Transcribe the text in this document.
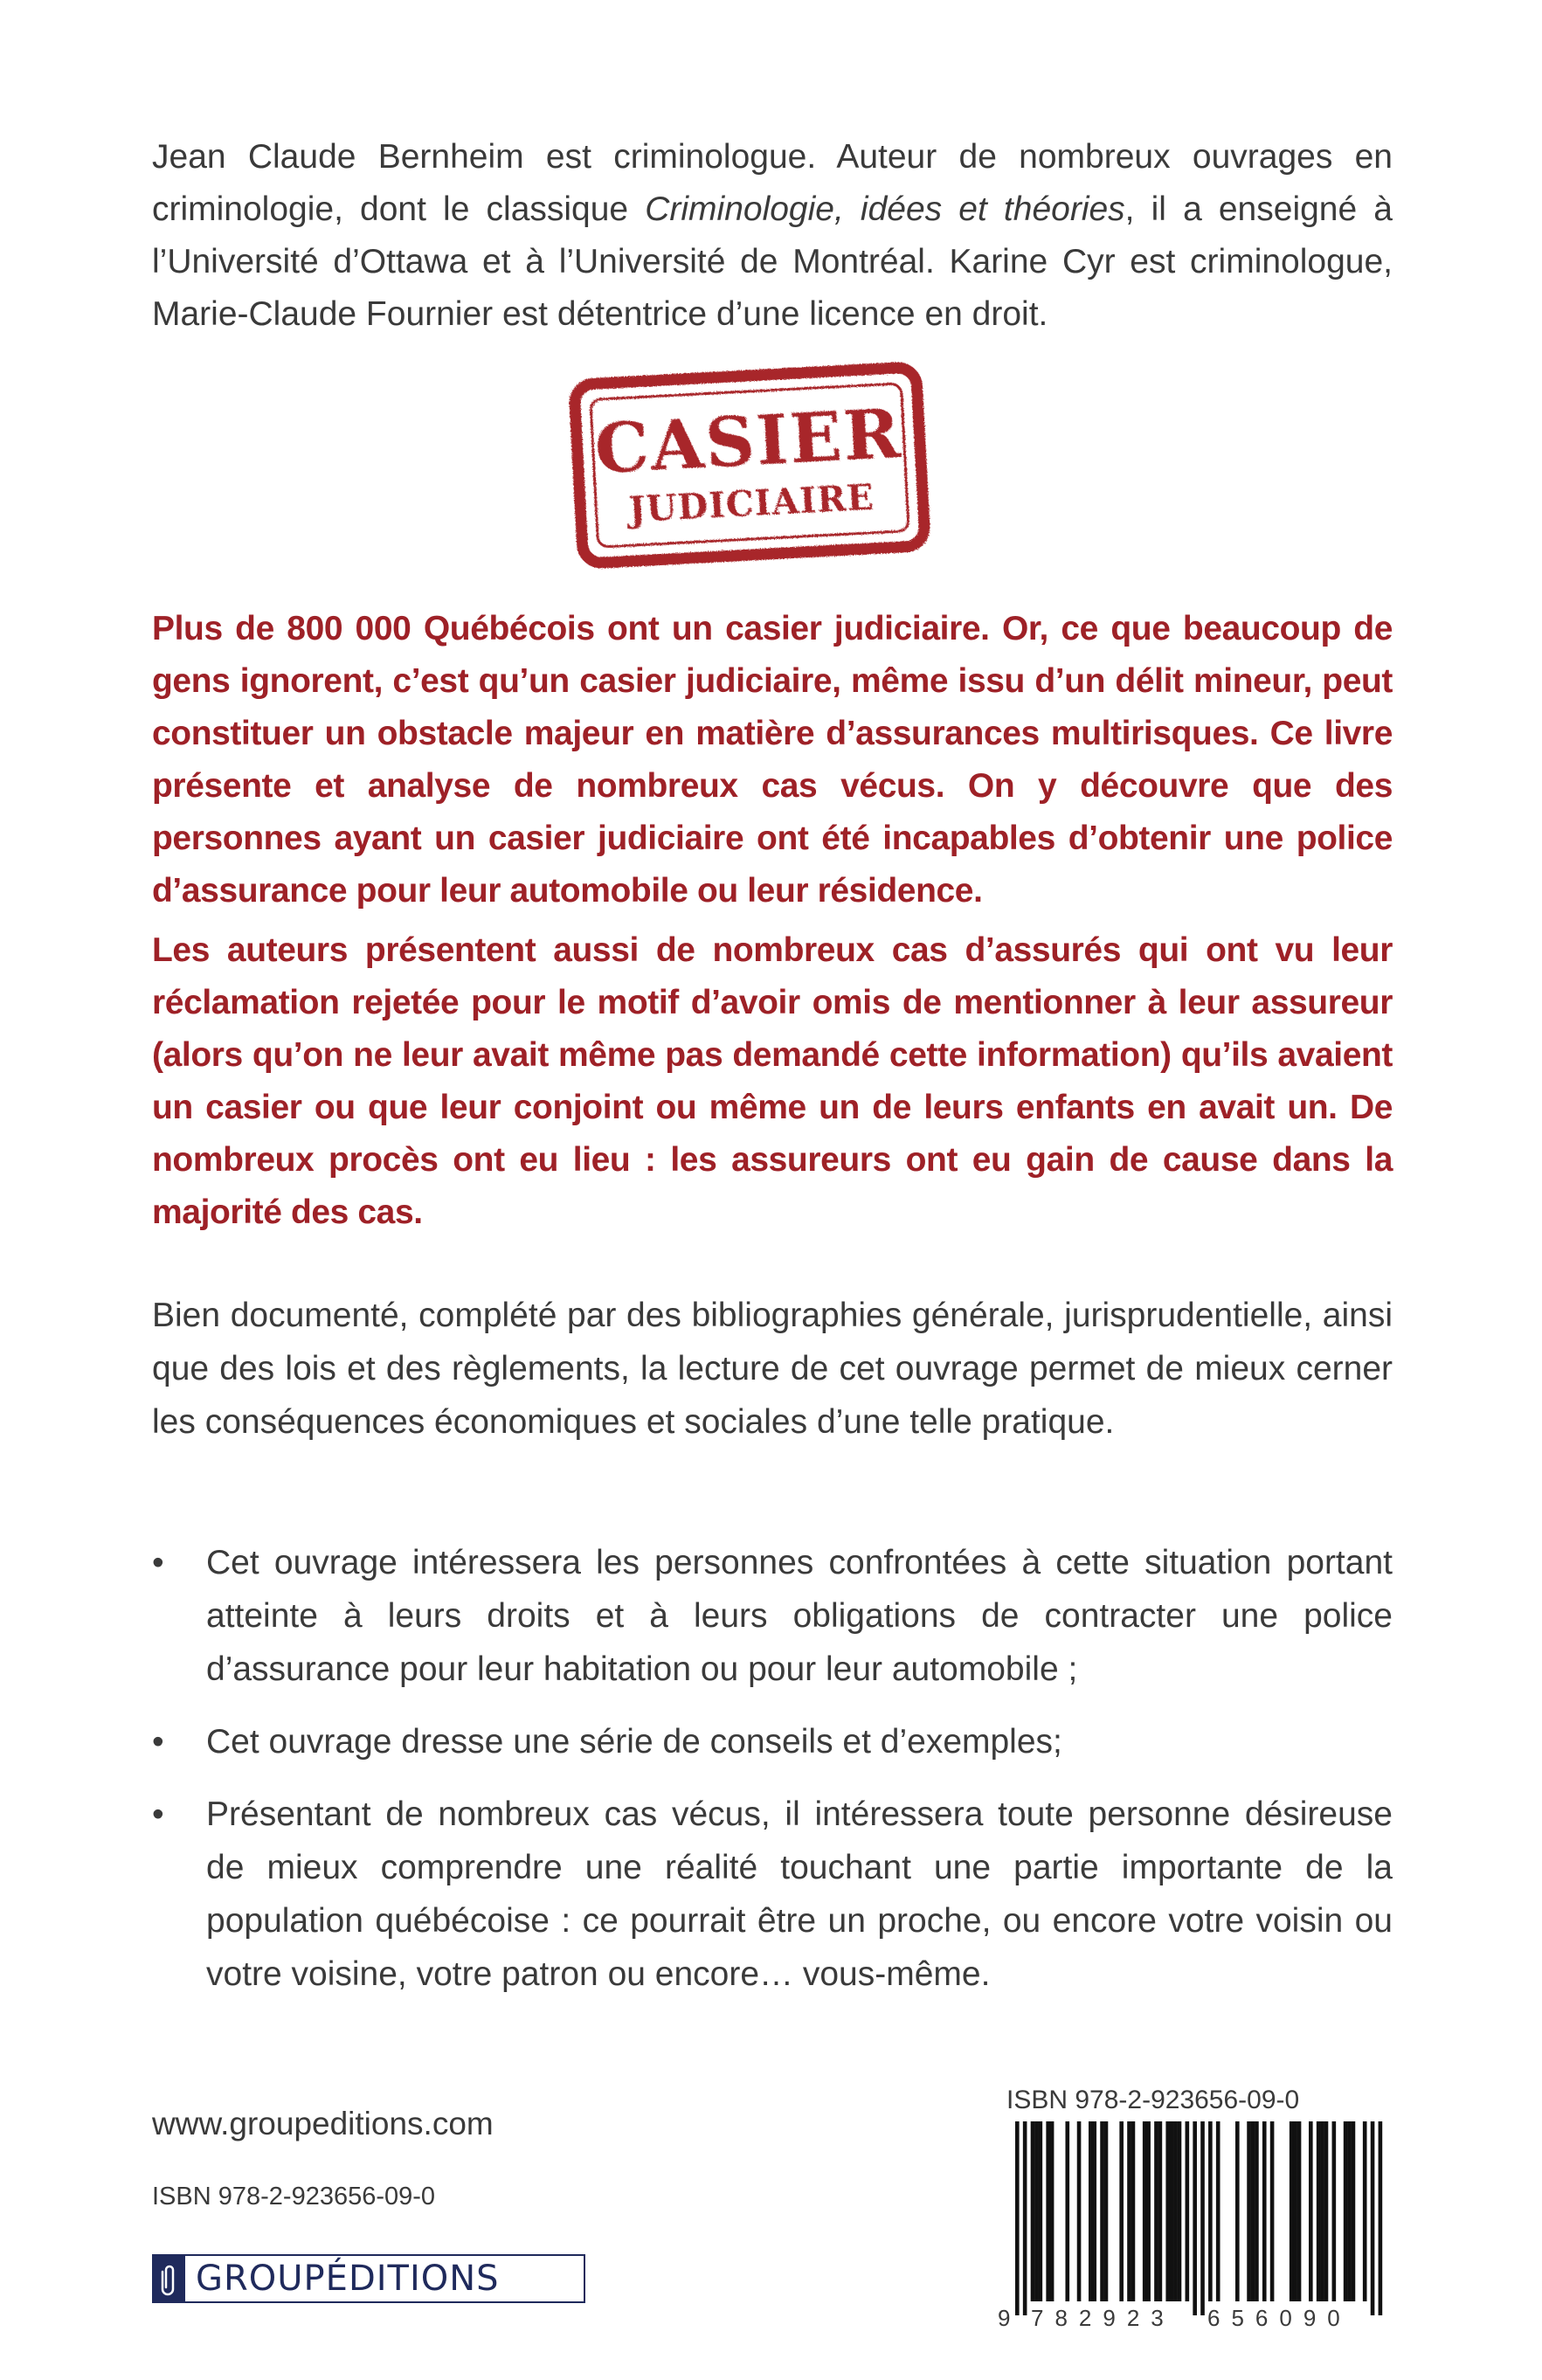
Jean Claude Bernheim est criminologue. Auteur de nombreux ouvrages en criminologie, dont le classique Criminologie, idées et théories, il a enseigné à l’Université d’Ottawa et à l’Université de Montréal. Karine Cyr est criminologue, Marie-Claude Fournier est détentrice d’une licence en droit.

CASIER
JUDICIAIRE

Plus de 800 000 Québécois ont un casier judiciaire. Or, ce que beaucoup de gens ignorent, c’est qu’un casier judiciaire, même issu d’un délit mineur, peut constituer un obstacle majeur en matière d’assurances multirisques. Ce livre présente et analyse de nombreux cas vécus. On y découvre que des personnes ayant un casier judiciaire ont été incapables d’obtenir une police d’assurance pour leur automobile ou leur résidence.

Les auteurs présentent aussi de nombreux cas d’assurés qui ont vu leur réclamation rejetée pour le motif d’avoir omis de mentionner à leur assureur (alors qu’on ne leur avait même pas demandé cette information) qu’ils avaient un casier ou que leur conjoint ou même un de leurs enfants en avait un. De nombreux procès ont eu lieu : les assureurs ont eu gain de cause dans la majorité des cas.

Bien documenté, complété par des bibliographies générale, jurisprudentielle, ainsi que des lois et des règlements, la lecture de cet ouvrage permet de mieux cerner les conséquences économiques et sociales d’une telle pratique.

• Cet ouvrage intéressera les personnes confrontées à cette situation portant atteinte à leurs droits et à leurs obligations de contracter une police d’assurance pour leur habitation ou pour leur automobile ;
• Cet ouvrage dresse une série de conseils et d’exemples;
• Présentant de nombreux cas vécus, il intéressera toute personne désireuse de mieux comprendre une réalité touchant une partie importante de la population québécoise : ce pourrait être un proche, ou encore votre voisin ou votre voisine, votre patron ou encore… vous-même.
www.groupeditions.com
ISBN 978-2-923656-09-0
GROUPÉDITIONS
ISBN 978-2-923656-09-0
9 782923 656090
